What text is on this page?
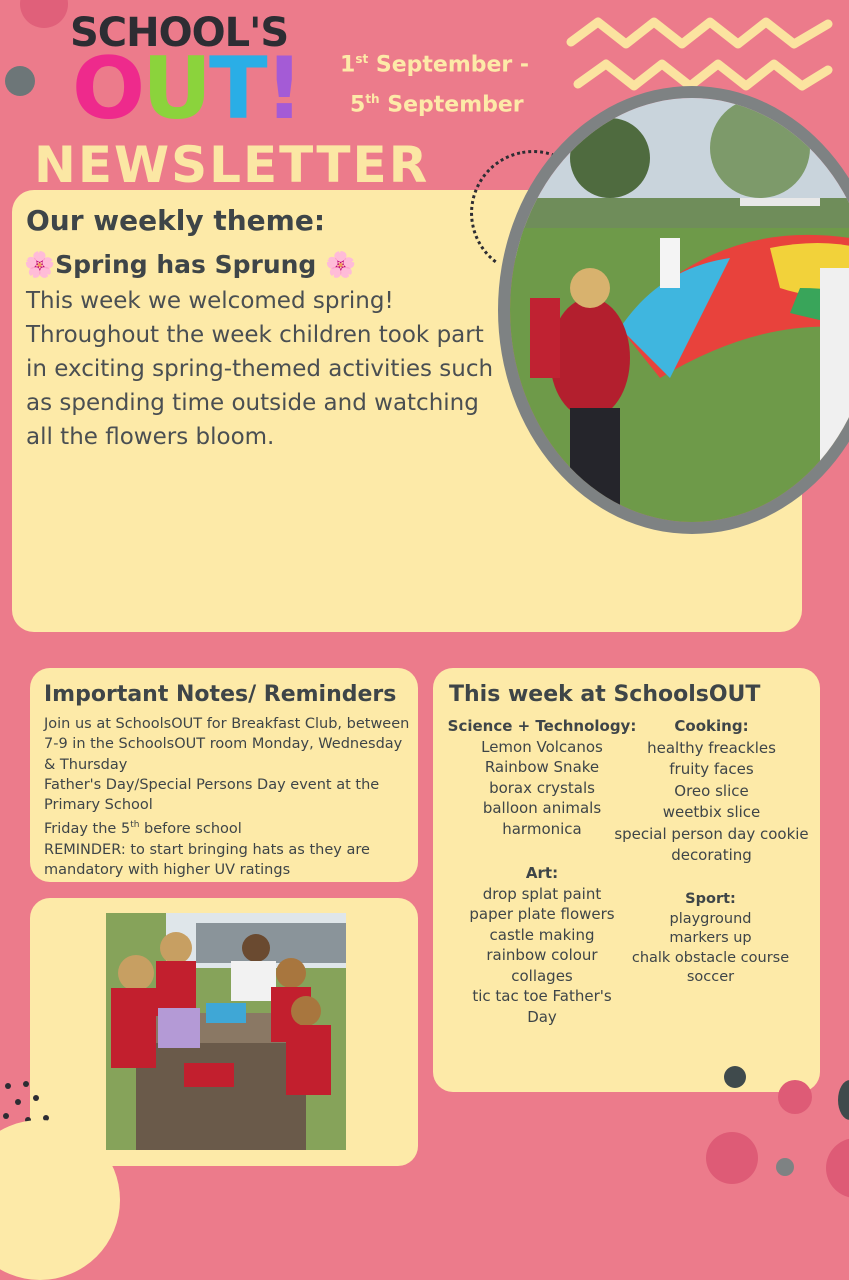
SCHOOL'S
OUT! 1st September -
5th September
Our weekly theme:
🌸Spring has Sprung 🌸
This week we welcomed spring! Throughout the week children took part in exciting spring-themed activities such as spending time outside and watching all the flowers bloom.
NEWSLETTER
Important Notes/ Reminders
Join us at SchoolsOUT for Breakfast Club, between 7-9 in the SchoolsOUT room Monday, Wednesday & Thursday
Father's Day/Special Persons Day event at the Primary School
Friday the 5th before school
REMINDER: to start bringing hats as they are mandatory with higher UV ratings
This week at SchoolsOUT
Science + Technology:
Lemon Volcanos
Rainbow Snake
borax crystals
balloon animals
harmonica
Art:
drop splat paint
paper plate flowers
castle making
rainbow colour collages
tic tac toe Father's Day
Cooking:
healthy freackles
fruity faces
Oreo slice
weetbix slice
special person day cookie decorating
Sport:
playground
markers up
chalk obstacle course
soccer
